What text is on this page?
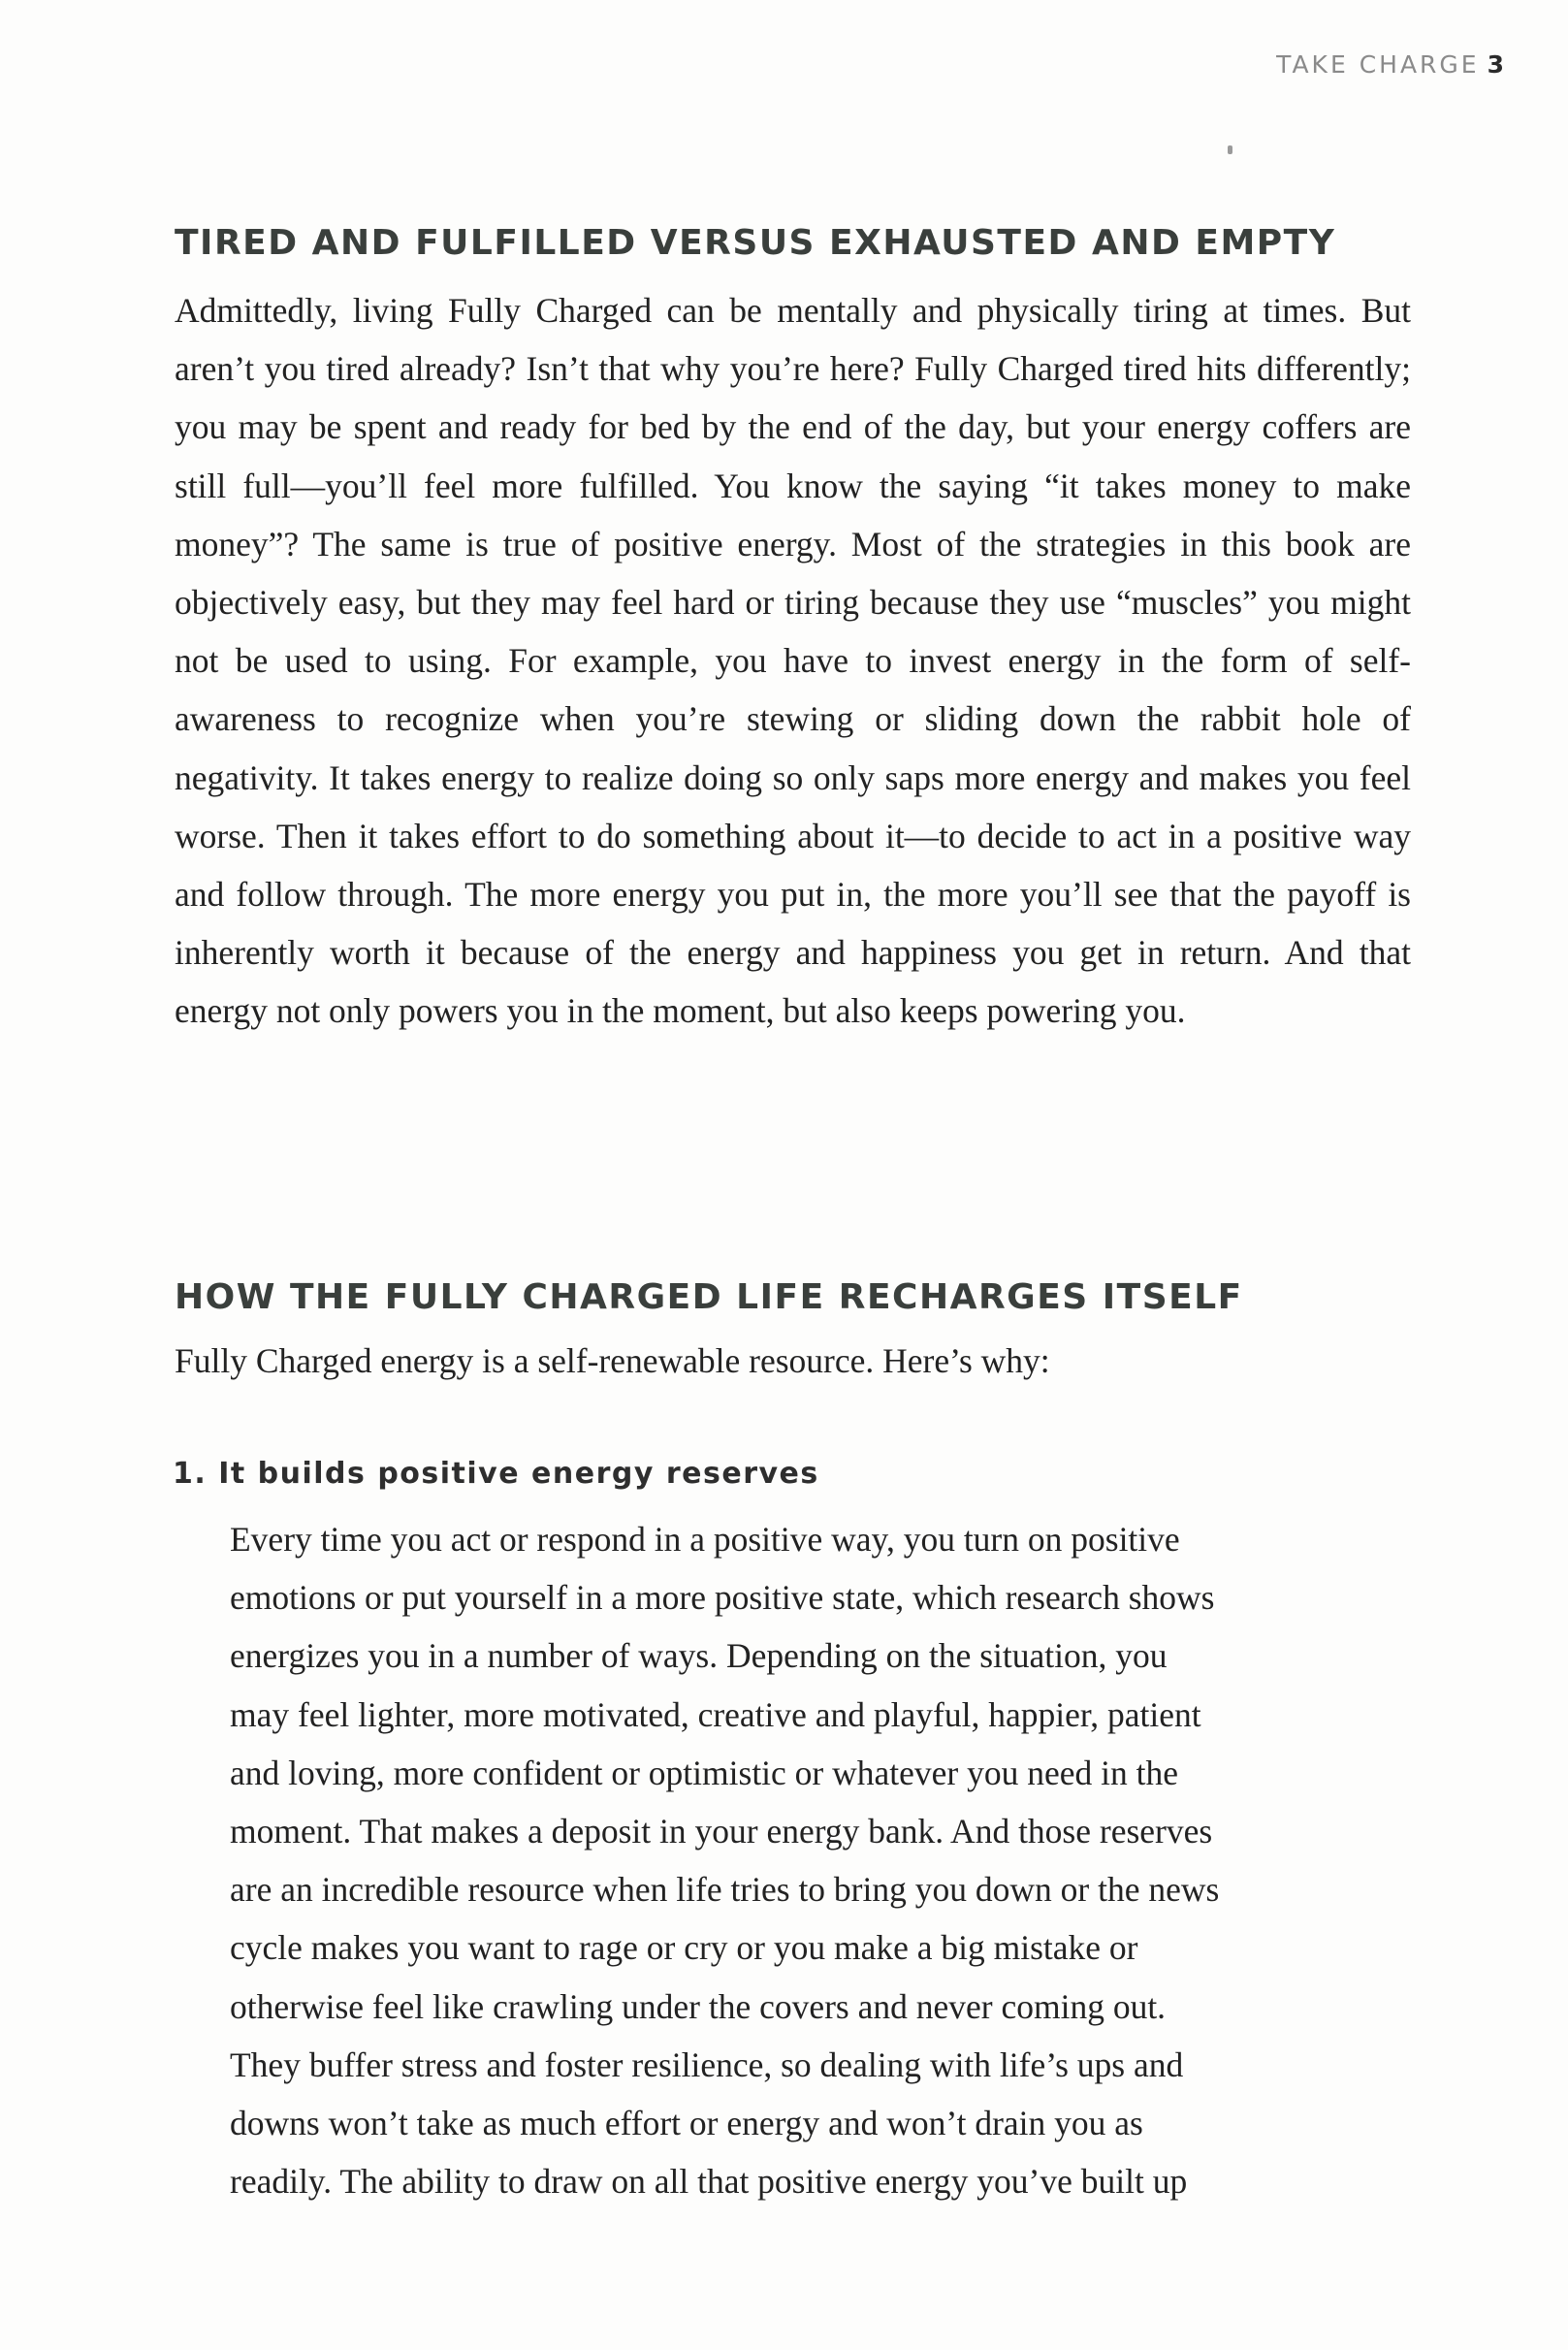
TAKE CHARGE 3
TIRED AND FULFILLED VERSUS EXHAUSTED AND EMPTY

Admittedly, living Fully Charged can be mentally and physically tiring at times. But aren’t you tired already? Isn’t that why you’re here? Fully Charged tired hits differently; you may be spent and ready for bed by the end of the day, but your energy coffers are still full—you’ll feel more fulfilled. You know the saying “it takes money to make money”? The same is true of positive energy. Most of the strategies in this book are objectively easy, but they may feel hard or tiring because they use “muscles” you might not be used to using. For example, you have to invest energy in the form of self-awareness to recognize when you’re stewing or sliding down the rabbit hole of negativity. It takes energy to realize doing so only saps more energy and makes you feel worse. Then it takes effort to do something about it—to decide to act in a positive way and follow through. The more energy you put in, the more you’ll see that the payoff is inherently worth it because of the energy and happiness you get in return. And that energy not only powers you in the moment, but also keeps powering you.

HOW THE FULLY CHARGED LIFE RECHARGES ITSELF

Fully Charged energy is a self-renewable resource. Here’s why:

1. It builds positive energy reserves
Every time you act or respond in a positive way, you turn on positive
emotions or put yourself in a more positive state, which research shows
energizes you in a number of ways. Depending on the situation, you
may feel lighter, more motivated, creative and playful, happier, patient
and loving, more confident or optimistic or whatever you need in the
moment. That makes a deposit in your energy bank. And those reserves
are an incredible resource when life tries to bring you down or the news
cycle makes you want to rage or cry or you make a big mistake or
otherwise feel like crawling under the covers and never coming out.
They buffer stress and foster resilience, so dealing with life’s ups and
downs won’t take as much effort or energy and won’t drain you as
readily. The ability to draw on all that positive energy you’ve built up
